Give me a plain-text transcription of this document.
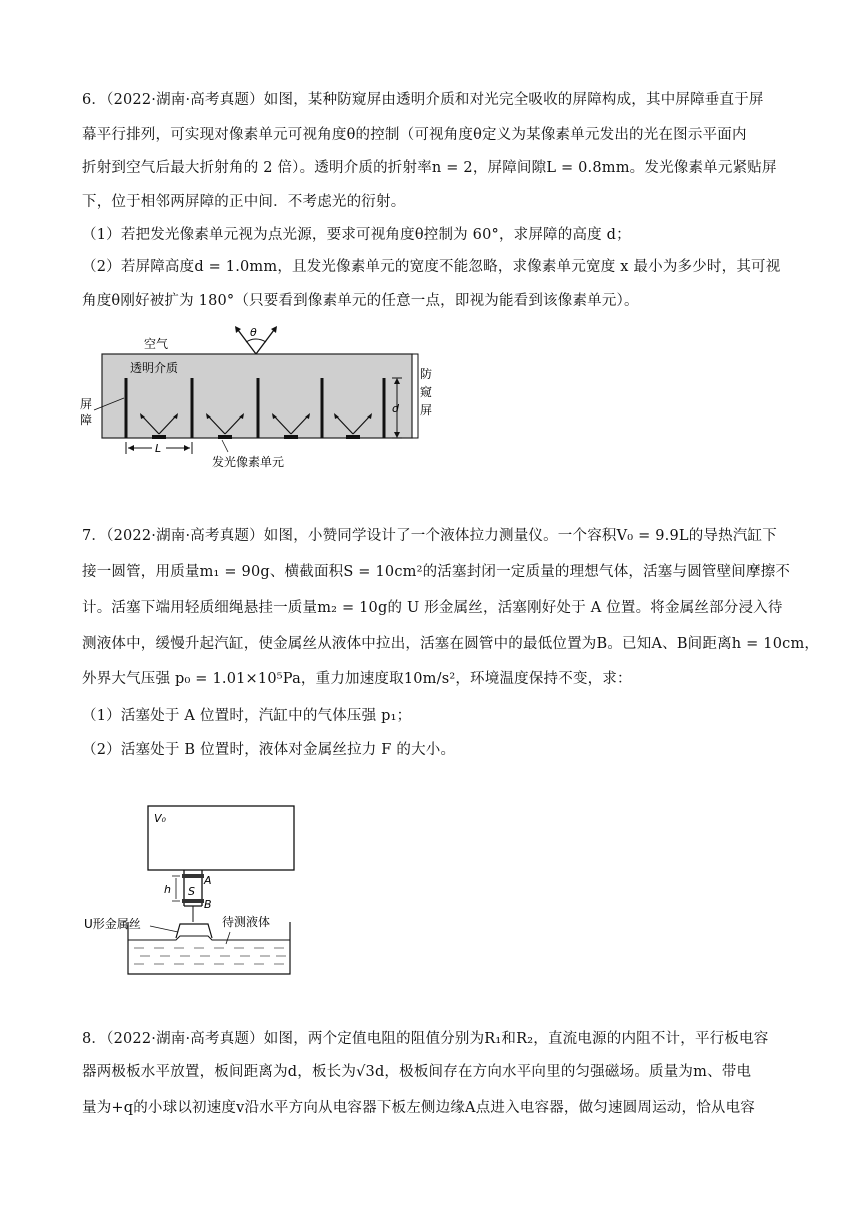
6．（2022·湖南·高考真题）如图，某种防窥屏由透明介质和对光完全吸收的屏障构成，其中屏障垂直于屏
幕平行排列，可实现对像素单元可视角度θ的控制（可视角度θ定义为某像素单元发出的光在图示平面内
折射到空气后最大折射角的 2 倍）。透明介质的折射率n = 2，屏障间隙L = 0.8mm。发光像素单元紧贴屏
下，位于相邻两屏障的正中间．不考虑光的衍射。
（1）若把发光像素单元视为点光源，要求可视角度θ控制为 60°，求屏障的高度 d；
（2）若屏障高度d = 1.0mm，且发光像素单元的宽度不能忽略，求像素单元宽度 x 最小为多少时，其可视
角度θ刚好被扩为 180°（只要看到像素单元的任意一点，即视为能看到该像素单元）。
θ
空气
透明介质
d
防
窥
屏
屏
障
L
发光像素单元
7．（2022·湖南·高考真题）如图，小赞同学设计了一个液体拉力测量仪。一个容积V₀ = 9.9L的导热汽缸下
接一圆管，用质量m₁ = 90g、横截面积S = 10cm²的活塞封闭一定质量的理想气体，活塞与圆管壁间摩擦不
计。活塞下端用轻质细绳悬挂一质量m₂ = 10g的 U 形金属丝，活塞刚好处于 A 位置。将金属丝部分浸入待
测液体中，缓慢升起汽缸，使金属丝从液体中拉出，活塞在圆管中的最低位置为B。已知A、B间距离h = 10cm，
外界大气压强 p₀ = 1.01×10⁵Pa，重力加速度取10m/s²，环境温度保持不变，求：
（1）活塞处于 A 位置时，汽缸中的气体压强 p₁；
（2）活塞处于 B 位置时，液体对金属丝拉力 F 的大小。
V₀
A
S
B
h
U形金属丝	待测液体
8．（2022·湖南·高考真题）如图，两个定值电阻的阻值分别为R₁和R₂，直流电源的内阻不计，平行板电容
器两极板水平放置，板间距离为d，板长为√3d，极板间存在方向水平向里的匀强磁场。质量为m、带电
量为+q的小球以初速度v沿水平方向从电容器下板左侧边缘A点进入电容器，做匀速圆周运动，恰从电容
